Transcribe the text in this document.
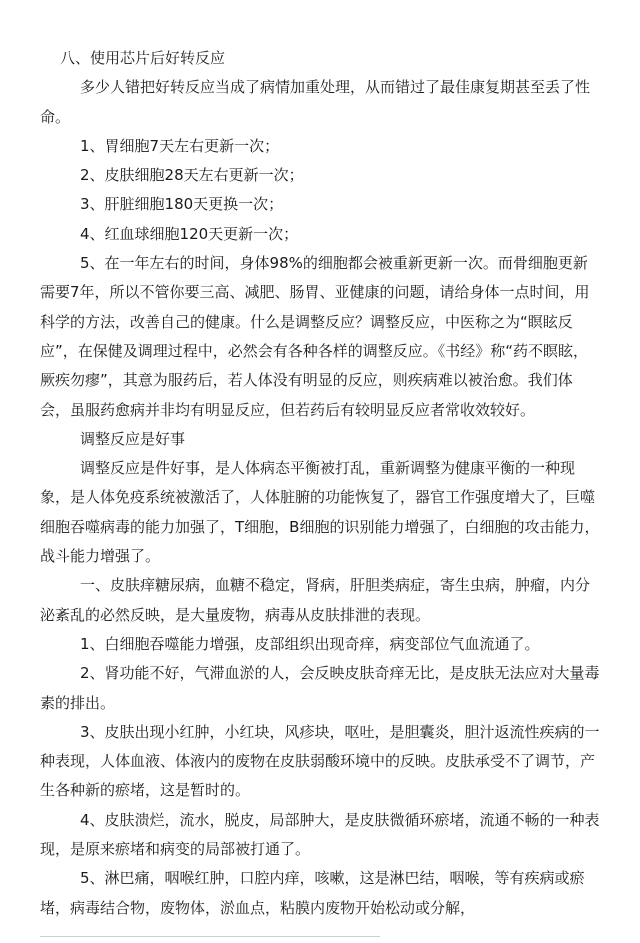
八、使用芯片后好转反应

多少人错把好转反应当成了病情加重处理，从而错过了最佳康复期甚至丢了性命。

1、胃细胞7天左右更新一次；

2、皮肤细胞28天左右更新一次；

3、肝脏细胞180天更换一次；

4、红血球细胞120天更新一次；

5、在一年左右的时间，身体98%的细胞都会被重新更新一次。而骨细胞更新需要7年，所以不管你要三高、减肥、肠胃、亚健康的问题，请给身体一点时间，用科学的方法，改善自己的健康。什么是调整反应？调整反应，中医称之为“瞑眩反应”，在保健及调理过程中，必然会有各种各样的调整反应。《书经》称“药不瞑眩，厥疾勿瘳”，其意为服药后，若人体没有明显的反应，则疾病难以被治愈。我们体会，虽服药愈病并非均有明显反应，但若药后有较明显反应者常收效较好。

调整反应是好事

调整反应是件好事，是人体病态平衡被打乱，重新调整为健康平衡的一种现象，是人体免疫系统被激活了，人体脏腑的功能恢复了，器官工作强度增大了，巨噬细胞吞噬病毒的能力加强了，T细胞，B细胞的识别能力增强了，白细胞的攻击能力，战斗能力增强了。

一、皮肤痒糖尿病，血糖不稳定，肾病，肝胆类病症，寄生虫病，肿瘤，内分泌紊乱的必然反映，是大量废物，病毒从皮肤排泄的表现。

1、白细胞吞噬能力增强，皮部组织出现奇痒，病变部位气血流通了。

2、肾功能不好，气滞血淤的人，会反映皮肤奇痒无比，是皮肤无法应对大量毒素的排出。

3、皮肤出现小红肿，小红块，风疹块，呕吐，是胆囊炎，胆汁返流性疾病的一种表现，人体血液、体液内的废物在皮肤弱酸环境中的反映。皮肤承受不了调节，产生各种新的瘀堵，这是暂时的。

4、皮肤溃烂，流水，脱皮，局部肿大，是皮肤微循环瘀堵，流通不畅的一种表现，是原来瘀堵和病变的局部被打通了。

5、淋巴痛，咽喉红肿，口腔内痒，咳嗽，这是淋巴结，咽喉，等有疾病或瘀堵，病毒结合物，废物体，淤血点，粘膜内废物开始松动或分解，
